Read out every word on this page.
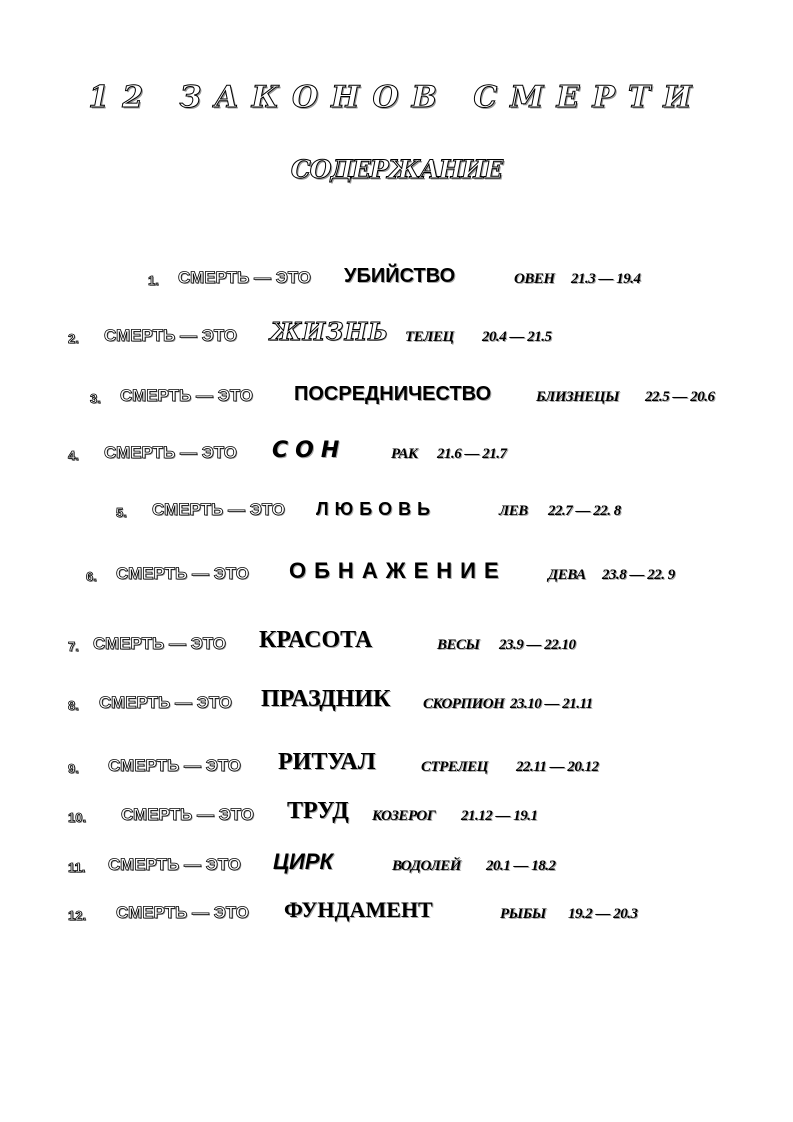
12 ЗАКОНОВ СМЕРТИ
СОДЕРЖАНИЕ
1. СМЕРТЬ — ЭТО УБИЙСТВО	ОВЕН 21.3 — 19.4
2. СМЕРТЬ — ЭТО ЖИЗНЬ ТЕЛЕЦ 20.4 — 21.5
3. СМЕРТЬ — ЭТО ПОСРЕДНИЧЕСТВО	БЛИЗНЕЦЫ 22.5 — 20.6
4. СМЕРТЬ — ЭТО СОН	РАК 21.6 — 21.7
5. СМЕРТЬ — ЭТО ЛЮБОВЬ	ЛЕВ 22.7 — 22. 8
6. СМЕРТЬ — ЭТО ОБНАЖЕНИЕ	ДЕВА 23.8 — 22. 9
7. СМЕРТЬ — ЭТО КРАСОТА	ВЕСЫ 23.9 — 22.10
8. СМЕРТЬ — ЭТО ПРАЗДНИК СКОРПИОН 23.10 — 21.11
9. СМЕРТЬ — ЭТО РИТУАЛ	СТРЕЛЕЦ 22.11 — 20.12
10. СМЕРТЬ — ЭТО ТРУД КОЗЕРОГ 21.12 — 19.1
11. СМЕРТЬ — ЭТО ЦИРК	ВОДОЛЕЙ 20.1 — 18.2
12. СМЕРТЬ — ЭТО ФУНДАМЕНТ	РЫБЫ 19.2 — 20.3
